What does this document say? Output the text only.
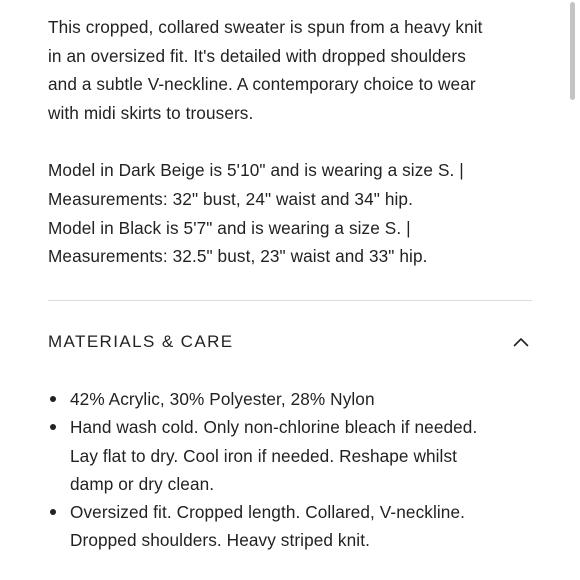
This cropped, collared sweater is spun from a heavy knit

in an oversized fit. It's detailed with dropped shoulders

and a subtle V-neckline. A contemporary choice to wear

with midi skirts to trousers.

Model in Dark Beige is 5'10" and is wearing a size S. |

Measurements: 32" bust, 24" waist and 34" hip.

Model in Black is 5'7" and is wearing a size S. |

Measurements: 32.5" bust, 23" waist and 33" hip.

MATERIALS & CARE
42% Acrylic, 30% Polyester, 28% Nylon
Hand wash cold. Only non-chlorine bleach if needed.
Lay flat to dry. Cool iron if needed. Reshape whilst
damp or dry clean.
Oversized fit. Cropped length. Collared, V-neckline.
Dropped shoulders. Heavy striped knit.
